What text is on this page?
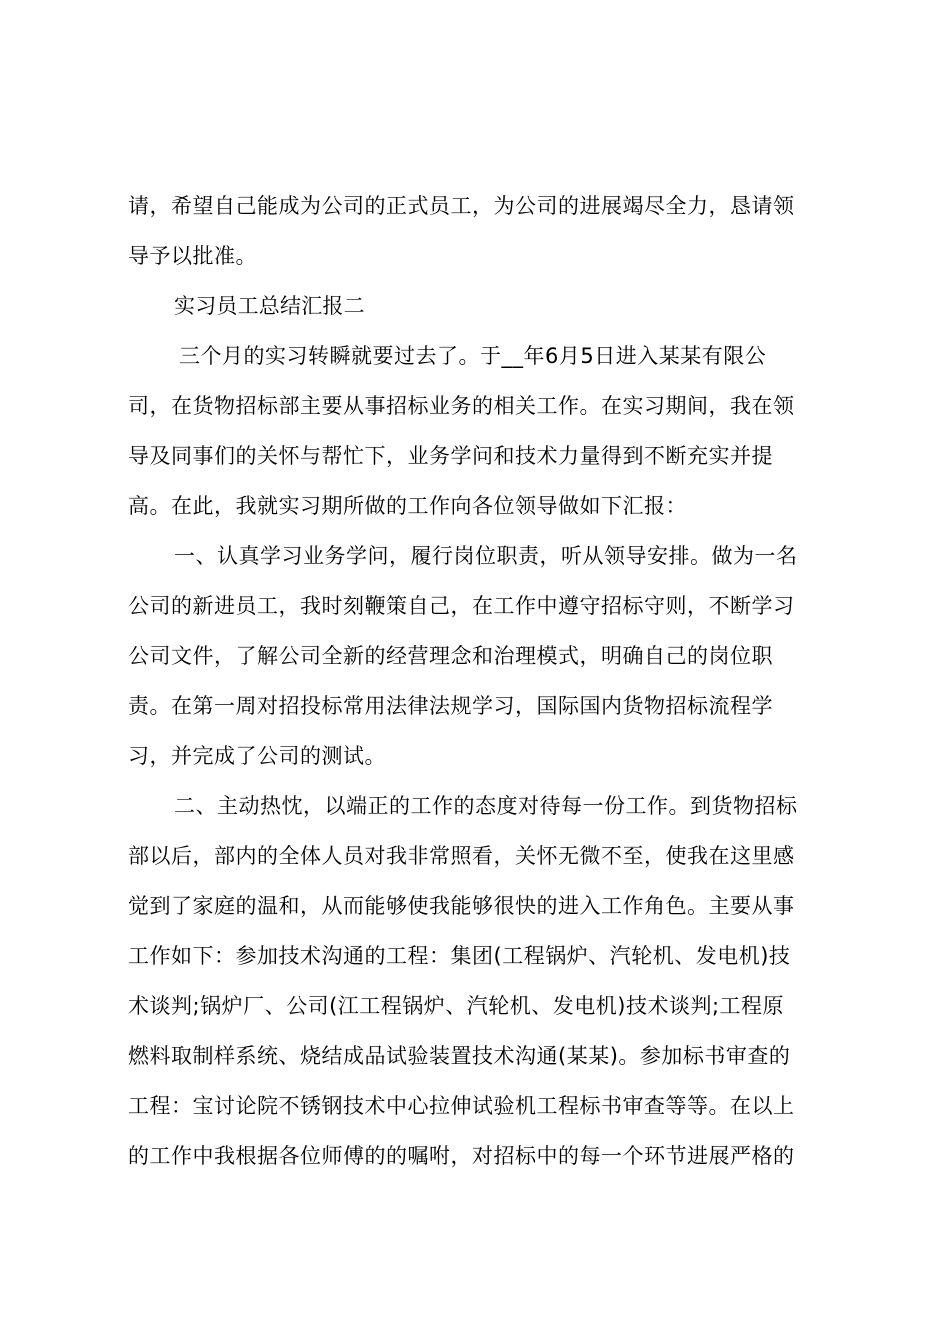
请，希望自己能成为公司的正式员工，为公司的进展竭尽全力，恳请领
导予以批准。
实习员工总结汇报二
三个月的实习转瞬就要过去了。于__年6月5日进入某某有限公
司，在货物招标部主要从事招标业务的相关工作。在实习期间，我在领
导及同事们的关怀与帮忙下，业务学问和技术力量得到不断充实并提
高。在此，我就实习期所做的工作向各位领导做如下汇报：
一、认真学习业务学问，履行岗位职责，听从领导安排。做为一名
公司的新进员工，我时刻鞭策自己，在工作中遵守招标守则，不断学习
公司文件，了解公司全新的经营理念和治理模式，明确自己的岗位职
责。在第一周对招投标常用法律法规学习，国际国内货物招标流程学
习，并完成了公司的测试。
二、主动热忱，以端正的工作的态度对待每一份工作。到货物招标
部以后，部内的全体人员对我非常照看，关怀无微不至，使我在这里感
觉到了家庭的温和，从而能够使我能够很快的进入工作角色。主要从事
工作如下：参加技术沟通的工程：集团(工程锅炉、汽轮机、发电机)技
术谈判;锅炉厂、公司(江工程锅炉、汽轮机、发电机)技术谈判;工程原
燃料取制样系统、烧结成品试验装置技术沟通(某某)。参加标书审查的
工程：宝讨论院不锈钢技术中心拉伸试验机工程标书审查等等。在以上
的工作中我根据各位师傅的的嘱咐，对招标中的每一个环节进展严格的
